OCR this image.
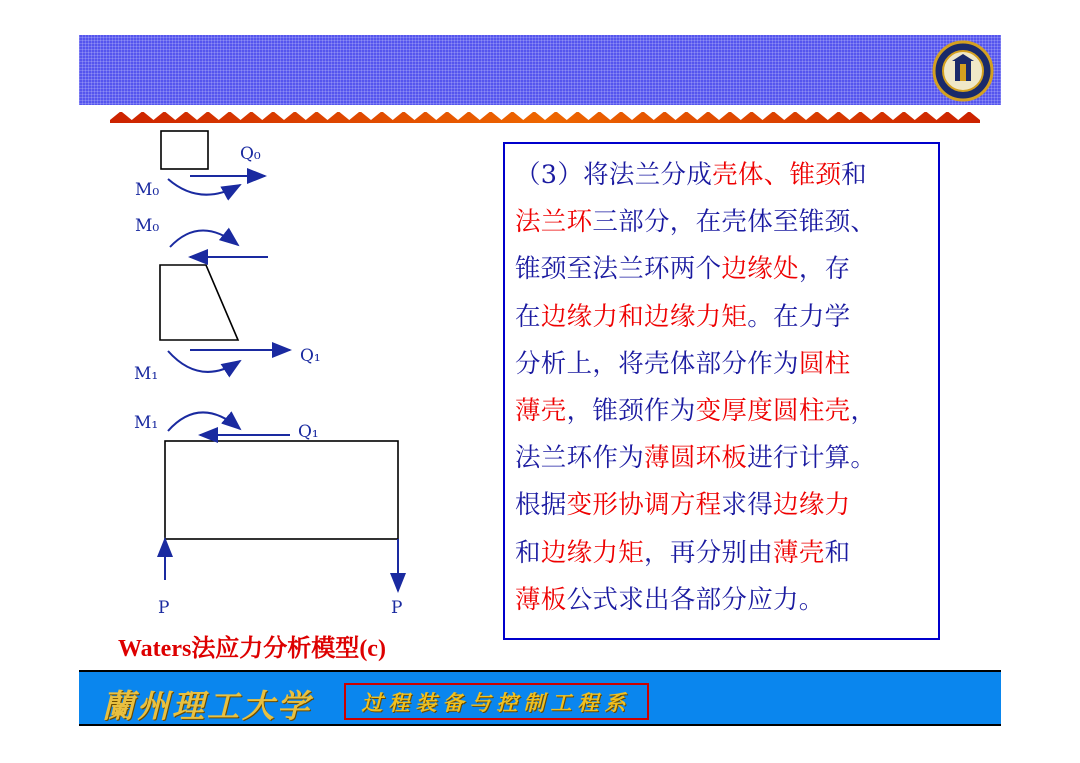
Q₀
M₀
M₀
M₁
Q₁
M₁	Q₁
P	P
Waters法应力分析模型(c)
（3）将法兰分成壳体、锥颈和
法兰环三部分，在壳体至锥颈、
锥颈至法兰环两个边缘处，存
在边缘力和边缘力矩。在力学
分析上，将壳体部分作为圆柱
薄壳，锥颈作为变厚度圆柱壳，
法兰环作为薄圆环板进行计算。
根据变形协调方程求得边缘力
和边缘力矩，再分别由薄壳和
薄板公式求出各部分应力。
蘭州理工大学 过程装备与控制工程系
